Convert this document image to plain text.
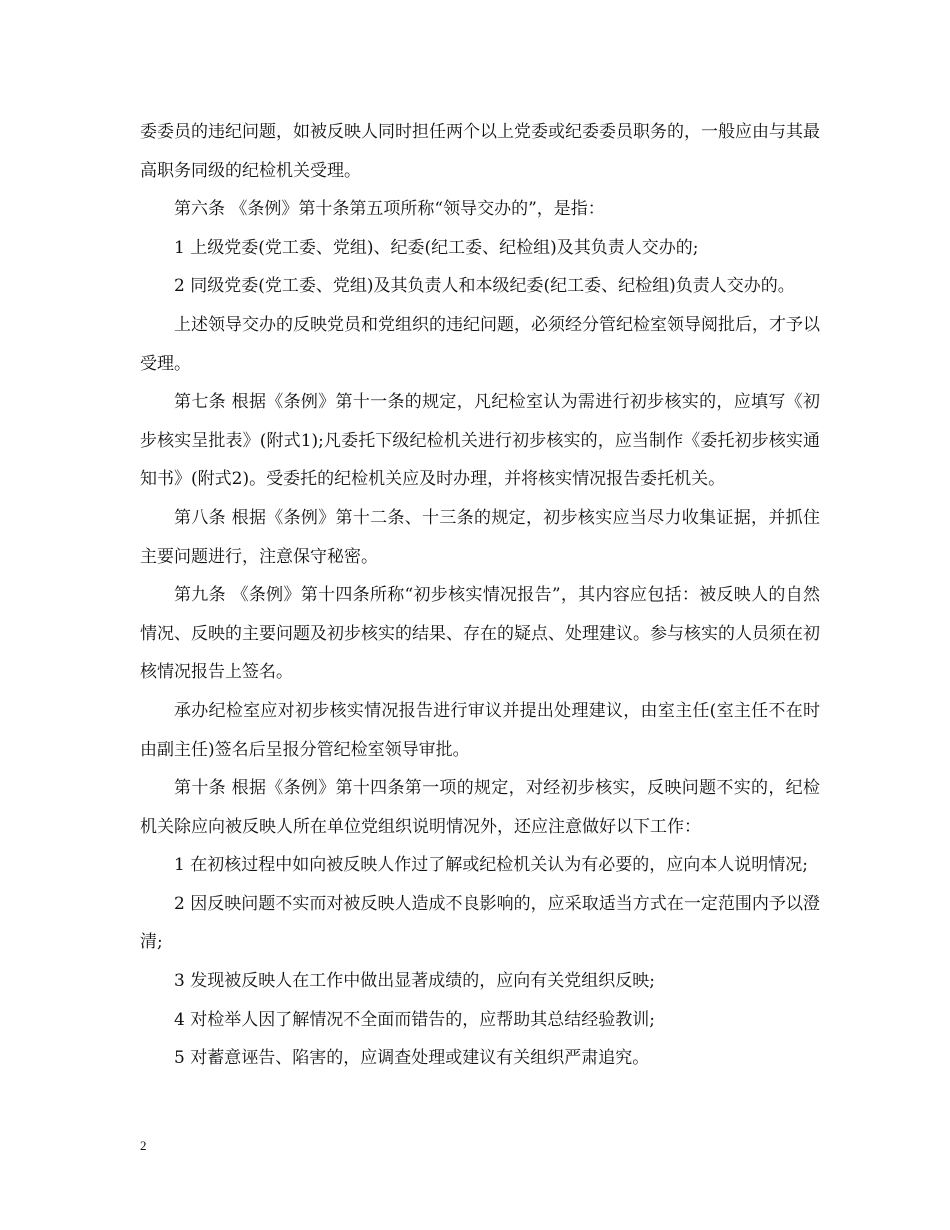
委委员的违纪问题，如被反映人同时担任两个以上党委或纪委委员职务的，一般应由与其最高职务同级的纪检机关受理。

第六条 《条例》第十条第五项所称“领导交办的”，是指：

1 上级党委(党工委、党组)、纪委(纪工委、纪检组)及其负责人交办的;

2 同级党委(党工委、党组)及其负责人和本级纪委(纪工委、纪检组)负责人交办的。

上述领导交办的反映党员和党组织的违纪问题，必须经分管纪检室领导阅批后，才予以受理。

第七条 根据《条例》第十一条的规定，凡纪检室认为需进行初步核实的，应填写《初步核实呈批表》(附式1);凡委托下级纪检机关进行初步核实的，应当制作《委托初步核实通知书》(附式2)。受委托的纪检机关应及时办理，并将核实情况报告委托机关。

第八条 根据《条例》第十二条、十三条的规定，初步核实应当尽力收集证据，并抓住主要问题进行，注意保守秘密。

第九条 《条例》第十四条所称“初步核实情况报告”，其内容应包括：被反映人的自然情况、反映的主要问题及初步核实的结果、存在的疑点、处理建议。参与核实的人员须在初核情况报告上签名。

承办纪检室应对初步核实情况报告进行审议并提出处理建议，由室主任(室主任不在时由副主任)签名后呈报分管纪检室领导审批。

第十条 根据《条例》第十四条第一项的规定，对经初步核实，反映问题不实的，纪检机关除应向被反映人所在单位党组织说明情况外，还应注意做好以下工作：

1 在初核过程中如向被反映人作过了解或纪检机关认为有必要的，应向本人说明情况;

2 因反映问题不实而对被反映人造成不良影响的，应采取适当方式在一定范围内予以澄清;

3 发现被反映人在工作中做出显著成绩的，应向有关党组织反映;

4 对检举人因了解情况不全面而错告的，应帮助其总结经验教训;

5 对蓄意诬告、陷害的，应调查处理或建议有关组织严肃追究。

2
